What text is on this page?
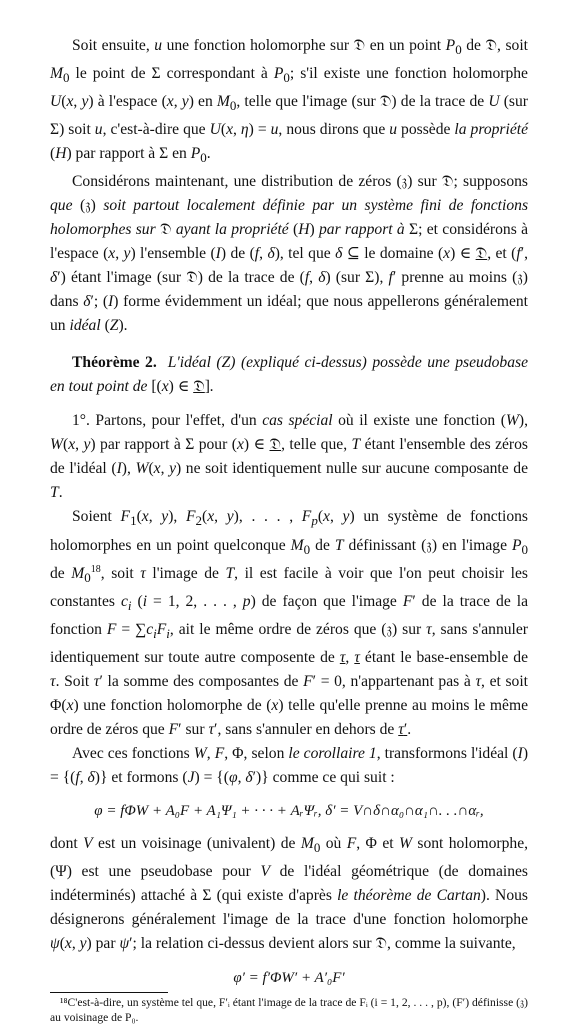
Soit ensuite, u une fonction holomorphe sur 𝔇 en un point $P_0$ de 𝔇, soit $M_0$ le point de Σ correspondant à $P_0$; s'il existe une fonction holomorphe U(x, y) à l'espace (x, y) en $M_0$, telle que l'image (sur 𝔇) de la trace de U (sur Σ) soit u, c'est-à-dire que U(x, η) = u, nous dirons que u possède la propriété (H) par rapport à Σ en $P_0$.

Considérons maintenant, une distribution de zéros (𝔷) sur 𝔇; supposons que (𝔷) soit partout localement définie par un système fini de fonctions holomorphes sur 𝔇 ayant la propriété (H) par rapport à Σ; et considérons à l'espace (x, y) l'ensemble (I) de (f, δ), tel que δ ⊆ le domaine (x) ∈ 𝔇, et (f′, δ′) étant l'image (sur 𝔇) de la trace de (f, δ) (sur Σ), f′ prenne au moins (𝔷) dans δ′; (I) forme évidemment un idéal; que nous appellerons généralement un idéal (Z).

Théorème 2. L'idéal (Z) (expliqué ci-dessus) possède une pseudobase en tout point de [(x) ∈ 𝔇].

1°. Partons, pour l'effet, d'un cas spécial où il existe une fonction (W), W(x, y) par rapport à Σ pour (x) ∈ 𝔇, telle que, T étant l'ensemble des zéros de l'idéal (I), W(x, y) ne soit identiquement nulle sur aucune composante de T.

Soient $F_1(x$, y), $F_2(x$, y), . . . , $F_p(x$, y) un système de fonctions holomorphes en un point quelconque $M_0$ de T définissant (𝔷) en l'image $P_0$ de $M_0^{18}$, soit τ l'image de T, il est facile à voir que l'on peut choisir les constantes $c_i$ (i = 1, 2, . . . , p) de façon que l'image F′ de la trace de la fonction $F = \sum c_iF_i$, ait le même ordre de zéros que (𝔷) sur τ, sans s'annuler identiquement sur toute autre composente de τ, τ étant le base-ensemble de τ. Soit τ′ la somme des composantes de F′ = 0, n'appartenant pas à τ, et soit Φ(x) une fonction holomorphe de (x) telle qu'elle prenne au moins le même ordre de zéros que F′ sur τ′, sans s'annuler en dehors de τ′.

Avec ces fonctions W, F, Φ, selon le corollaire 1, transformons l'idéal (I) = {(f, δ)} et formons (J) = {(φ, δ′)} comme ce qui suit :

φ = fΦW + A₀F + A₁Ψ₁ + · · · + AᵣΨᵣ, δ′ = V∩δ∩α₀∩α₁∩. . .∩αᵣ,

dont V est un voisinage (univalent) de $M_0$ où F, Φ et W sont holomorphe, (Ψ) est une pseudobase pour V de l'idéal géométrique (de domaines indéterminés) attaché à Σ (qui existe d'après le théorème de Cartan). Nous désignerons généralement l'image de la trace d'une fonction holomorphe ψ(x, y) par ψ′; la relation ci-dessus devient alors sur 𝔇, comme la suivante,

φ′ = f′ΦW′ + A′₀F′

¹⁸C'est-à-dire, un système tel que, F′ᵢ étant l'image de la trace de Fᵢ (i = 1, 2, . . . , p), (F′) définisse (𝔷) au voisinage de P₀.
